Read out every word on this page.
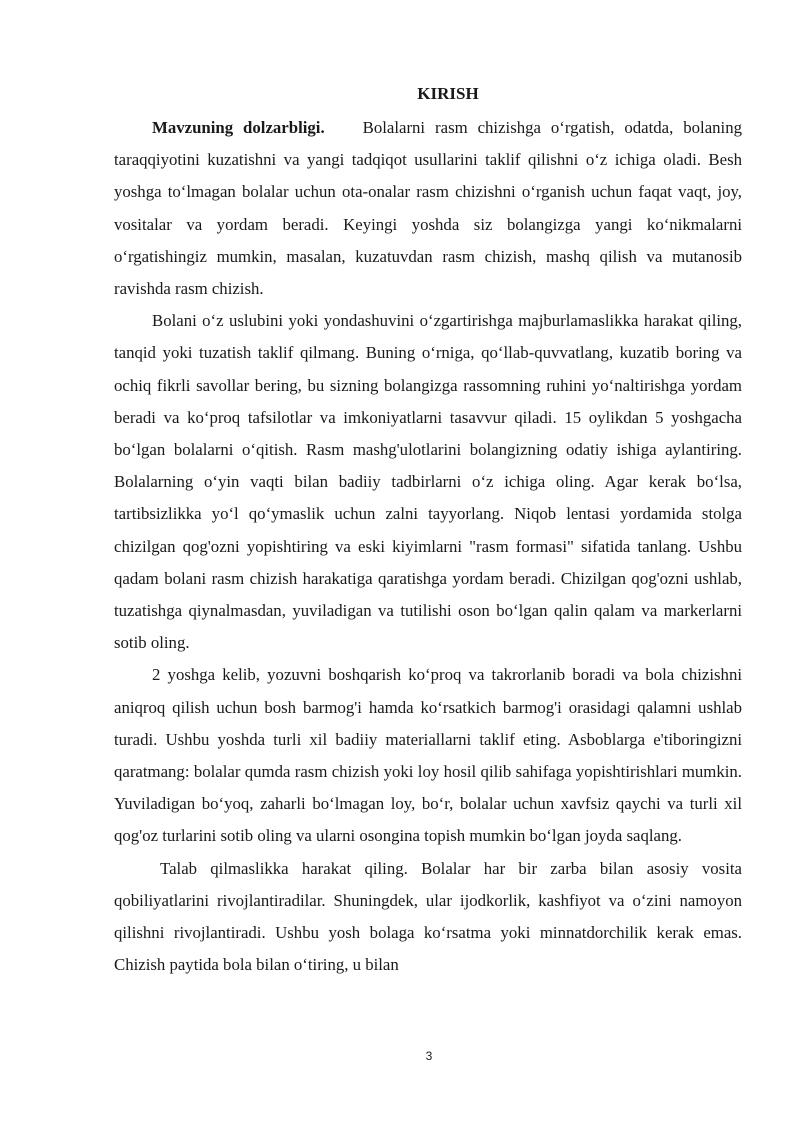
KIRISH

Mavzuning dolzarbligi. Bolalarni rasm chizishga oʻrgatish, odatda, bolaning taraqqiyotini kuzatishni va yangi tadqiqot usullarini taklif qilishni oʻz ichiga oladi. Besh yoshga toʻlmagan bolalar uchun ota-onalar rasm chizishni oʻrganish uchun faqat vaqt, joy, vositalar va yordam beradi. Keyingi yoshda siz bolangizga yangi koʻnikmalarni oʻrgatishingiz mumkin, masalan, kuzatuvdan rasm chizish, mashq qilish va mutanosib ravishda rasm chizish.

Bolani oʻz uslubini yoki yondashuvini oʻzgartirishga majburlamaslikka harakat qiling, tanqid yoki tuzatish taklif qilmang. Buning oʻrniga, qoʻllab-quvvatlang, kuzatib boring va ochiq fikrli savollar bering, bu sizning bolangizga rassomning ruhini yoʻnaltirishga yordam beradi va koʻproq tafsilotlar va imkoniyatlarni tasavvur qiladi. 15 oylikdan 5 yoshgacha boʻlgan bolalarni oʻqitish. Rasm mashg'ulotlarini bolangizning odatiy ishiga aylantiring. Bolalarning oʻyin vaqti bilan badiiy tadbirlarni oʻz ichiga oling. Agar kerak boʻlsa, tartibsizlikka yoʻl qoʻymaslik uchun zalni tayyorlang. Niqob lentasi yordamida stolga chizilgan qog'ozni yopishtiring va eski kiyimlarni "rasm formasi" sifatida tanlang. Ushbu qadam bolani rasm chizish harakatiga qaratishga yordam beradi. Chizilgan qog'ozni ushlab, tuzatishga qiynalmasdan, yuviladigan va tutilishi oson boʻlgan qalin qalam va markerlarni sotib oling.

2 yoshga kelib, yozuvni boshqarish koʻproq va takrorlanib boradi va bola chizishni aniqroq qilish uchun bosh barmog'i hamda koʻrsatkich barmog'i orasidagi qalamni ushlab turadi. Ushbu yoshda turli xil badiiy materiallarni taklif eting. Asboblarga e'tiboringizni qaratmang: bolalar qumda rasm chizish yoki loy hosil qilib sahifaga yopishtirishlari mumkin. Yuviladigan boʻyoq, zaharli boʻlmagan loy, boʻr, bolalar uchun xavfsiz qaychi va turli xil qog'oz turlarini sotib oling va ularni osongina topish mumkin boʻlgan joyda saqlang.

Talab qilmaslikka harakat qiling. Bolalar har bir zarba bilan asosiy vosita qobiliyatlarini rivojlantiradilar. Shuningdek, ular ijodkorlik, kashfiyot va oʻzini namoyon qilishni rivojlantiradi. Ushbu yosh bolaga koʻrsatma yoki minnatdorchilik kerak emas. Chizish paytida bola bilan oʻtiring, u bilan

3
